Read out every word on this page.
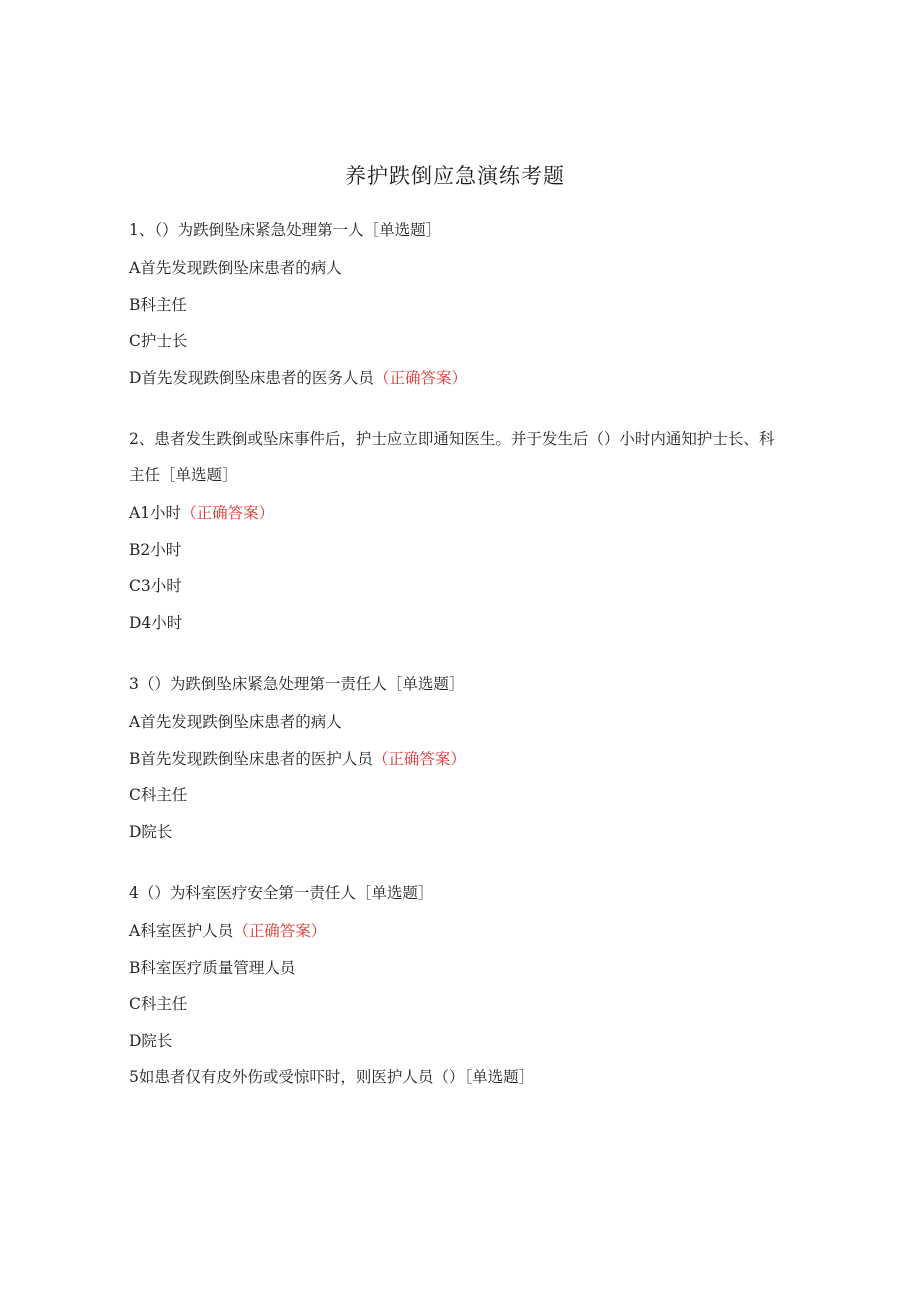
养护跌倒应急演练考题

1、（）为跌倒坠床紧急处理第一人［单选题］

A首先发现跌倒坠床患者的病人

B科主任

C护士长

D首先发现跌倒坠床患者的医务人员（正确答案）

2、患者发生跌倒或坠床事件后，护士应立即通知医生。并于发生后（）小时内通知护士长、科主任［单选题］

A1小时（正确答案）

B2小时

C3小时

D4小时

3（）为跌倒坠床紧急处理第一责任人［单选题］

A首先发现跌倒坠床患者的病人

B首先发现跌倒坠床患者的医护人员（正确答案）

C科主任

D院长

4（）为科室医疗安全第一责任人［单选题］

A科室医护人员（正确答案）

B科室医疗质量管理人员

C科主任

D院长

5如患者仅有皮外伤或受惊吓时，则医护人员（）［单选题］
